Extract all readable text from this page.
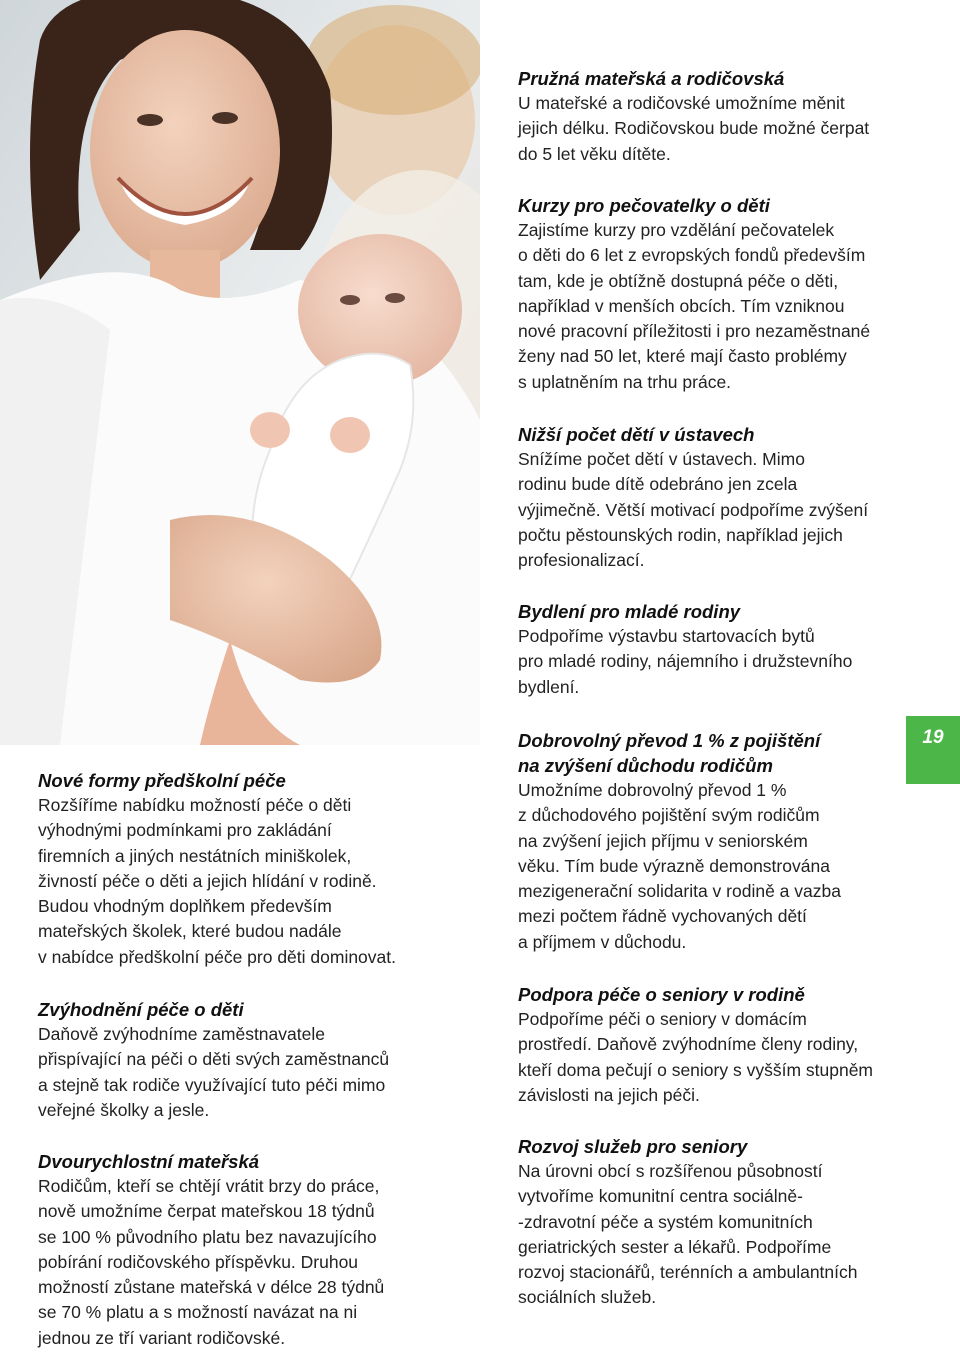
Pružná mateřská a rodičovská

U mateřské a rodičovské umožníme měnit
jejich délku. Rodičovskou bude možné čerpat
do 5 let věku dítěte.

Kurzy pro pečovatelky o děti

Zajistíme kurzy pro vzdělání pečovatelek
o děti do 6 let z evropských fondů především
tam, kde je obtížně dostupná péče o děti,
například v menších obcích. Tím vzniknou
nové pracovní příležitosti i pro nezaměstnané
ženy nad 50 let, které mají často problémy
s uplatněním na trhu práce.

Nižší počet dětí v ústavech

Snížíme počet dětí v ústavech. Mimo
rodinu bude dítě odebráno jen zcela
výjimečně. Větší motivací podpoříme zvýšení
počtu pěstounských rodin, například jejich
profesionalizací.

Bydlení pro mladé rodiny

Podpoříme výstavbu startovacích bytů
pro mladé rodiny, nájemního i družstevního
bydlení.

Dobrovolný převod 1 % z pojištění
na zvýšení důchodu rodičům

Umožníme dobrovolný převod 1 %
z důchodového pojištění svým rodičům
na zvýšení jejich příjmu v seniorském
věku. Tím bude výrazně demonstrována
mezigenerační solidarita v rodině a vazba
mezi počtem řádně vychovaných dětí
a příjmem v důchodu.

Podpora péče o seniory v rodině

Podpoříme péči o seniory v domácím
prostředí. Daňově zvýhodníme členy rodiny,
kteří doma pečují o seniory s vyšším stupněm
závislosti na jejich péči.

Rozvoj služeb pro seniory

Na úrovni obcí s rozšířenou působností
vytvoříme komunitní centra sociálně-
-zdravotní péče a systém komunitních
geriatrických sester a lékařů. Podpoříme
rozvoj stacionářů, terénních a ambulantních
sociálních služeb.

Nové formy předškolní péče

Rozšíříme nabídku možností péče o děti
výhodnými podmínkami pro zakládání
firemních a jiných nestátních miniškolek,
živností péče o děti a jejich hlídání v rodině.
Budou vhodným doplňkem především
mateřských školek, které budou nadále
v nabídce předškolní péče pro děti dominovat.

Zvýhodnění péče o děti

Daňově zvýhodníme zaměstnavatele
přispívající na péči o děti svých zaměstnanců
a stejně tak rodiče využívající tuto péči mimo
veřejné školky a jesle.

Dvourychlostní mateřská

Rodičům, kteří se chtějí vrátit brzy do práce,
nově umožníme čerpat mateřskou 18 týdnů
se 100 % původního platu bez navazujícího
pobírání rodičovského příspěvku. Druhou
možností zůstane mateřská v délce 28 týdnů
se 70 % platu a s možností navázat na ni
jednou ze tří variant rodičovské.

19
